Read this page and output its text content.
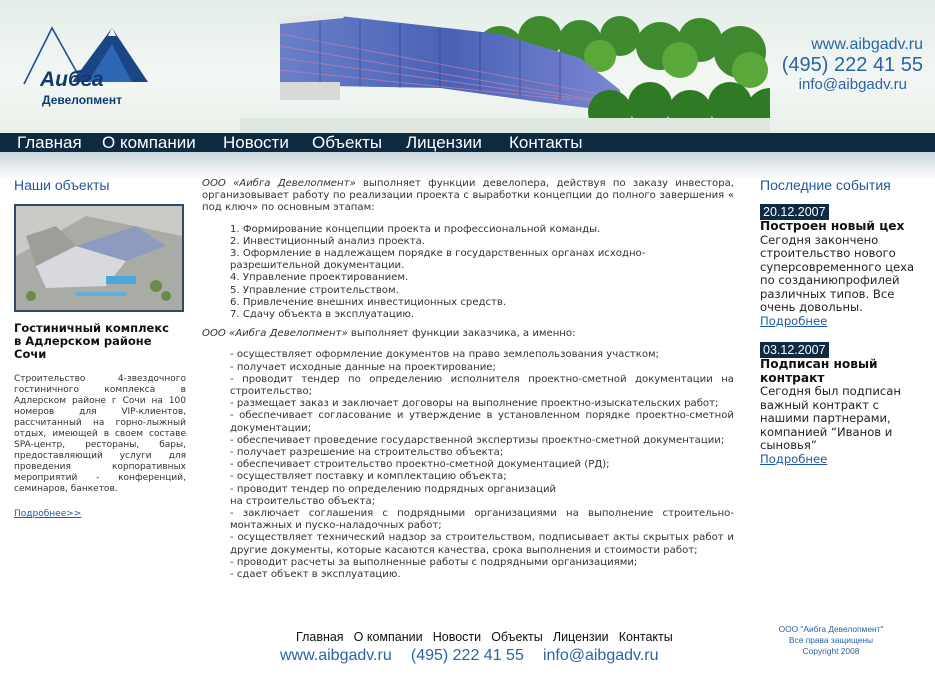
Аибга
Девелопмент
www.aibgadv.ru
(495) 222 41 55
info@aibgadv.ru
Главная О компании Новости Объекты Лицензии Контакты
Наши объекты
Гостиничный комплекс
в Адлерском районе Сочи
Строительство 4-звездочного гостиничного комплекса в Адлерском районе г Сочи на 100 номеров для VIP-клиентов, рассчитанный на горно-лыжный отдых, имеющей в своем составе SPA-центр, рестораны, бары, предоставляющий услуги для проведения корпоративных мероприятий - конференций, семинаров, банкетов.
Подробнее>>

ООО «Аибга Девелопмент» выполняет функции девелопера, действуя по заказу инвестора, организовывает работу по реализации проекта с выработки концепции до полного завершения « под ключ» по основным этапам:

1. Формирование концепции проекта и профессиональной команды.
2. Инвестиционный анализ проекта.
3. Оформление в надлежащем порядке в государственных органах исходно-разрешительной документации.
4. Управление проектированием.
5. Управление строительством.
6. Привлечение внешних инвестиционных средств.
7. Сдачу объекта в эксплуатацию.

ООО «Аибга Девелопмент» выполняет функции заказчика, а именно:

- осуществляет оформление документов на право землепользования участком;
- получает исходные данные на проектирование;
- проводит тендер по определению исполнителя проектно-сметной документации на строительство;
- размещает заказ и заключает договоры на выполнение проектно-изыскательских работ;
- обеспечивает согласование и утверждение в установленном порядке проектно-сметной документации;
- обеспечивает проведение государственной экспертизы проектно-сметной документации;
- получает разрешение на строительство объекта;
- обеспечивает строительство проектно-сметной документацией (РД);
- осуществляет поставку и комплектацию объекта;
- проводит тендер по определению подрядных организаций на строительство объекта;
- заключает соглашения с подрядными организациями на выполнение строительно-монтажных и пуско-наладочных работ;
- осуществляет технический надзор за строительством, подписывает акты скрытых работ и другие документы, которые касаются качества, срока выполнения и стоимости работ;
- проводит расчеты за выполненные работы с подрядными организациями;
- сдает объект в эксплуатацию.
Последние события
20.12.2007
Построен новый цех
Сегодня закончено строительство нового суперсовременного цеха по созданиюпрофилей различных типов. Все очень довольны.
Подробнее
03.12.2007
Подписан новый контракт
Сегодня был подписан важный контракт с нашими партнерами, компанией “Иванов и сыновья”
Подробнее
Главная О компании Новости Объекты Лицензии Контакты
www.aibgadv.ru (495) 222 41 55 info@aibgadv.ru
ООО "Аибга Девелопмент"
Все права защищены
Copyright 2008
